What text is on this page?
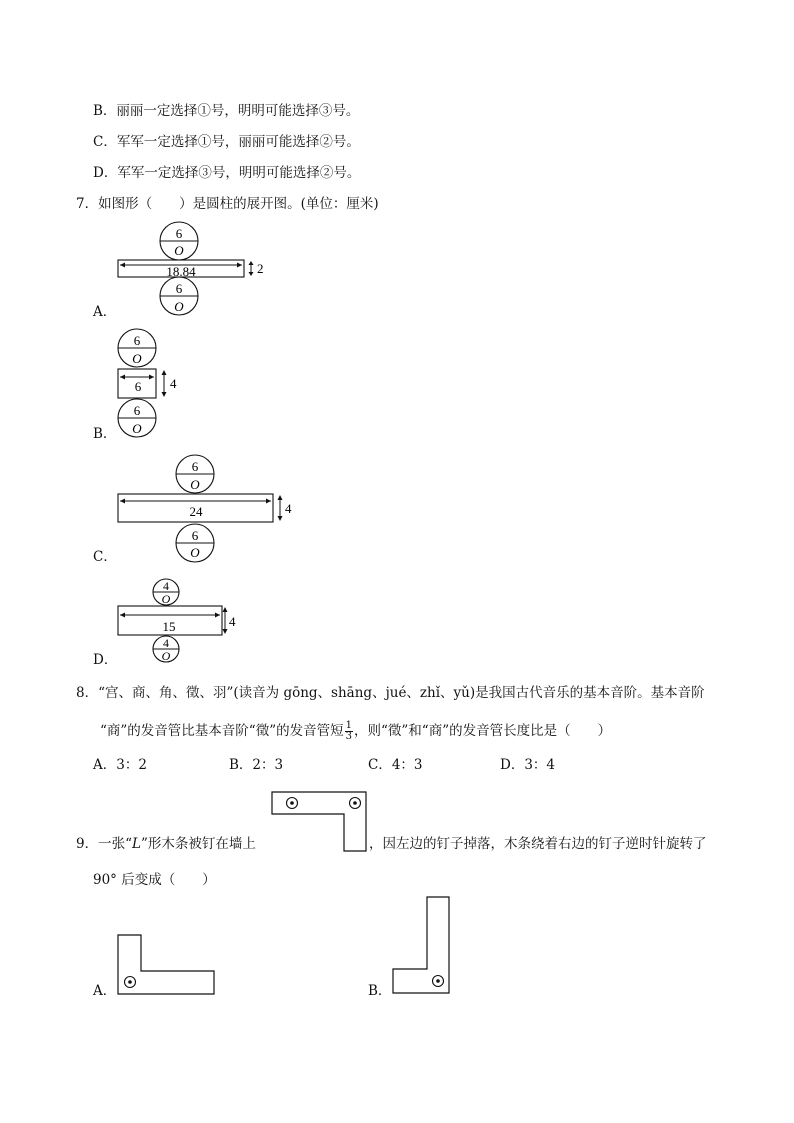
B．丽丽一定选择①号，明明可能选择③号。
C．军军一定选择①号，丽丽可能选择②号。
D．军军一定选择③号，明明可能选择②号。
7．如图形（　　）是圆柱的展开图。(单位：厘米)
6
O
18.84	2
6
O
A．
6
O
6 4
6
O
B．
6
O
24	4
6
O
C．
4
O
15	4
4
O
D．
8．“宫、商、角、徵、羽”(读音为 gōng、shāng、jué、zhǐ、yǔ)是我国古代音乐的基本音阶。基本音阶
“商”的发音管比基本音阶“徵”的发音管短 $\frac{1}{3}$ ，则“徵”和“商”的发音管长度比是（　　）
A．3：2	B．2：3	C．4：3	D．3：4
9．一张“L”形木条被钉在墙上	，因左边的钉子掉落，木条绕着右边的钉子逆时针旋转了
90° 后变成（　　）
A．	B．
